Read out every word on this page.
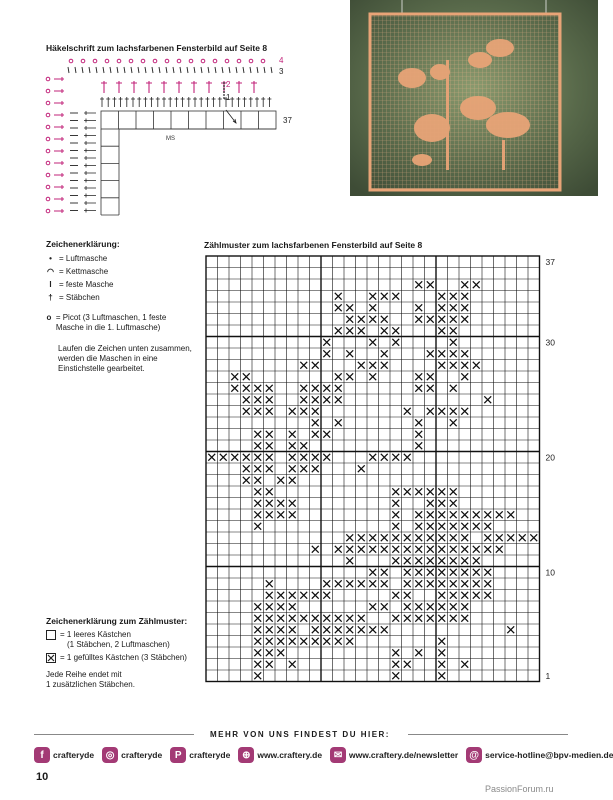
Häkelschrift zum lachsfarbenen Fensterbild auf Seite 8
MS
4
3
2
1
37
Zeichenerklärung:
• = Luftmasche
◠ = Kettmasche
I = feste Masche
† = Stäbchen
o = Picot (3 Luftmaschen, 1 feste Masche in die 1. Luftmasche)
Laufen die Zeichen unten zusammen, werden die Maschen in eine Einstichstelle gearbeitet.
Zählmuster zum lachsfarbenen Fensterbild auf Seite 8
37
30
20
10
1
Zeichenerklärung zum Zählmuster:
= 1 leeres Kästchen
(1 Stäbchen, 2 Luftmaschen)
= 1 gefülltes Kästchen (3 Stäbchen)
Jede Reihe endet mit
1 zusätzlichen Stäbchen.
MEHR VON UNS FINDEST DU HIER:
f	crafteryde	◎ crafteryde	P crafteryde	⊕ www.craftery.de	✉ www.craftery.de/newsletter	@ service-hotline@bpv-medien.de
10
PassionForum.ru
